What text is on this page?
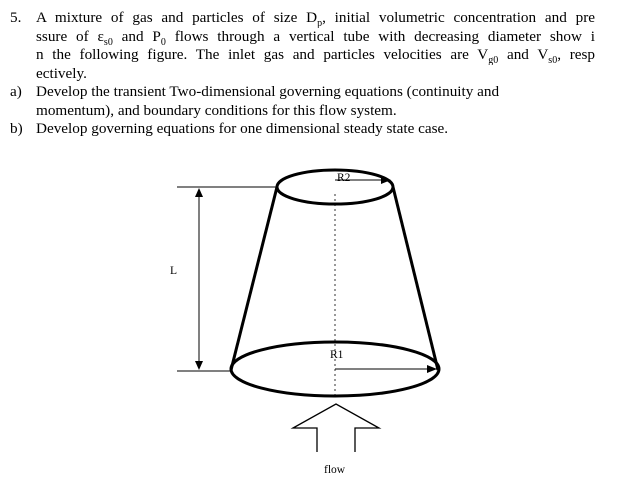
5. A mixture of gas and particles of size $D_p$, initial volumetric concentration and pre
ssure of $\varepsilon_{s0}$ and $P_0$ flows through a vertical tube with decreasing diameter show i
n the following figure. The inlet gas and particles velocities are $V_{g0}$ and $V_{s0}$, resp
ectively.
a) Develop the transient Two-dimensional governing equations (continuity and
momentum), and boundary conditions for this flow system.
b) Develop governing equations for one dimensional steady state case.
R2
R1
L
flow
